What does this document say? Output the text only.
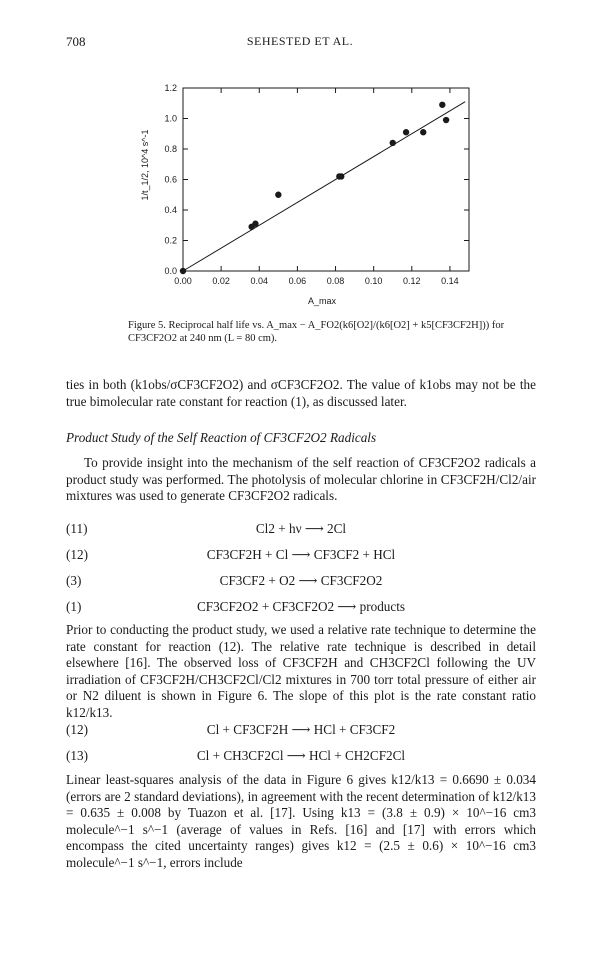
708	SEHESTED ET AL.
0.00 0.02 0.04 0.06 0.08 0.10 0.12 0.14
0.0
0.2
0.4
0.6
0.8
1.0
1.2
1/t_1/2, 10^4 s^-1
A_max
Figure 5. Reciprocal half life vs. A_max − A_FO2(k6[O2]/(k6[O2] + k5[CF3CF2H])) for CF3CF2O2 at 240 nm (L = 80 cm).
ties in both (k1obs/σCF3CF2O2) and σCF3CF2O2. The value of k1obs may not be the true bimolecular rate constant for reaction (1), as discussed later.
Product Study of the Self Reaction of CF3CF2O2 Radicals
To provide insight into the mechanism of the self reaction of CF3CF2O2 radicals a product study was performed. The photolysis of molecular chlorine in CF3CF2H/Cl2/air mixtures was used to generate CF3CF2O2 radicals.
(11)	Cl2 + hν ⟶ 2Cl
(12)	CF3CF2H + Cl ⟶ CF3CF2 + HCl
(3)	CF3CF2 + O2 ⟶ CF3CF2O2
(1)	CF3CF2O2 + CF3CF2O2 ⟶ products
Prior to conducting the product study, we used a relative rate technique to determine the rate constant for reaction (12). The relative rate technique is described in detail elsewhere [16]. The observed loss of CF3CF2H and CH3CF2Cl following the UV irradiation of CF3CF2H/CH3CF2Cl/Cl2 mixtures in 700 torr total pressure of either air or N2 diluent is shown in Figure 6. The slope of this plot is the rate constant ratio k12/k13.
(12)	Cl + CF3CF2H ⟶ HCl + CF3CF2
(13)	Cl + CH3CF2Cl ⟶ HCl + CH2CF2Cl
Linear least-squares analysis of the data in Figure 6 gives k12/k13 = 0.6690 ± 0.034 (errors are 2 standard deviations), in agreement with the recent determination of k12/k13 = 0.635 ± 0.008 by Tuazon et al. [17]. Using k13 = (3.8 ± 0.9) × 10^−16 cm3 molecule^−1 s^−1 (average of values in Refs. [16] and [17] with errors which encompass the cited uncertainty ranges) gives k12 = (2.5 ± 0.6) × 10^−16 cm3 molecule^−1 s^−1, errors include
